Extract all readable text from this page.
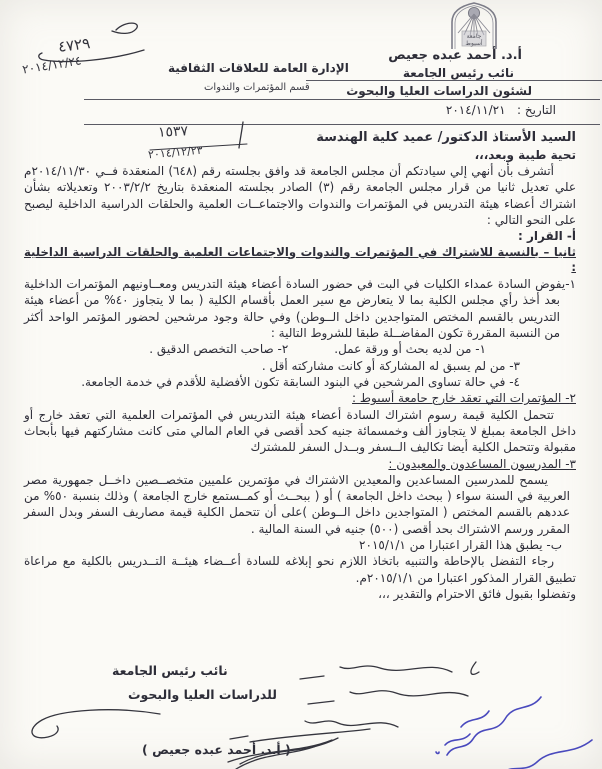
جامعة
أسيوط
أ.د. أحمد عبده جعيص
نائب رئيس الجامعة
لشئون الدراسات العليا والبحوث
الإدارة العامة للعلاقات الثقافية
قسم المؤتمرات والندوات
التاريخ :   ٢٠١٤/١١/٢١
٤٧٢٩
٢٠١٤/١٢/٢٤
١٥٣٧
٢٠١٤/١٢/٢٣

السيد الأستاذ الدكتور/ عميد كلية الهندسة

تحية طيبة وبعد،،،

أتشرف بأن أنهي إلي سيادتكم أن مجلس الجامعة قد وافق بجلسته رقم (٦٤٨) المنعقدة فــي ٢٠١٤/١١/٣٠م علي تعديل ثانيا من قرار مجلس الجامعة رقم (٣) الصادر بجلسته المنعقدة بتاريخ ٢٠٠٣/٢/٢ وتعديلاته بشأن اشتراك أعضاء هيئة التدريس في المؤتمرات والندوات والاجتماعــات العلمية والحلقات الدراسية الداخلية ليصبح على النحو التالي :

أ- القرار :

ثانيا – بالنسبة للاشتراك في المؤتمرات والندوات والاجتماعات العلمية والحلقات الدراسية الداخلية :

١-يفوض السادة عمداء الكليات في البت في حضور السادة أعضاء هيئة التدريس ومعــاونيهم المؤتمرات الداخلية بعد أخذ رأي مجلس الكلية بما لا يتعارض مع سير العمل بأقسام الكلية ( بما لا يتجاوز ٤٠% من أعضاء هيئة التدريس بالقسم المختص المتواجدين داخل الــوطن) وفي حالة وجود مرشحين لحضور المؤتمر الواحد أكثر من النسبة المقررة تكون المفاضــلة طبقا للشروط التالية :

١- من لديه بحث أو ورقة عمل.
٢- صاحب التخصص الدقيق .

٣- من لم يسبق له المشاركة أو كانت مشاركته أقل .

٤- في حالة تساوى المرشحين في البنود السابقة تكون الأفضلية للأقدم في خدمة الجامعة.

٢- المؤتمرات التي تعقد خارج جامعة أسيوط :

تتحمل الكلية قيمة رسوم اشتراك السادة أعضاء هيئة التدريس في المؤتمرات العلمية التي تعقد خارج أو داخل الجامعة بمبلغ لا يتجاوز ألف وخمسمائة جنيه كحد أقصى في العام المالي متى كانت مشاركتهم فيها بأبحاث مقبولة وتتحمل الكلية أيضا تكاليف الــسفر وبــدل السفر للمشترك

٣- المدرسون المساعدون والمعيدون :

يسمح للمدرسين المساعدين والمعيدين الاشتراك في مؤتمرين علميين متخصــصين داخــل جمهورية مصر العربية في السنة سواء ( ببحث داخل الجامعة ) أو ( ببحــث أو كمــستمع خارج الجامعة ) وذلك بنسبة ٥٠% من عددهم بالقسم المختص ( المتواجدين داخل الــوطن )على أن تتحمل الكلية قيمة مصاريف السفر وبدل السفر المقرر ورسم الاشتراك بحد أقصى (٥٠٠) جنيه في السنة المالية .

ب- يطبق هذا القرار اعتبارا من ٢٠١٥/١/١

رجاء التفضل بالإحاطة والتنبيه باتخاذ اللازم نحو إبلاغه للسادة أعــضاء هيئــة التــدريس بالكلية مع مراعاة تطبيق القرار المذكور اعتبارا من ٢٠١٥/١/١م.

وتفضلوا بقبول فائق الاحترام والتقدير ،،،

نائب رئيس الجامعة
للدراسات العليا والبحوث
( أ.د. أحمد عبده جعيص )
